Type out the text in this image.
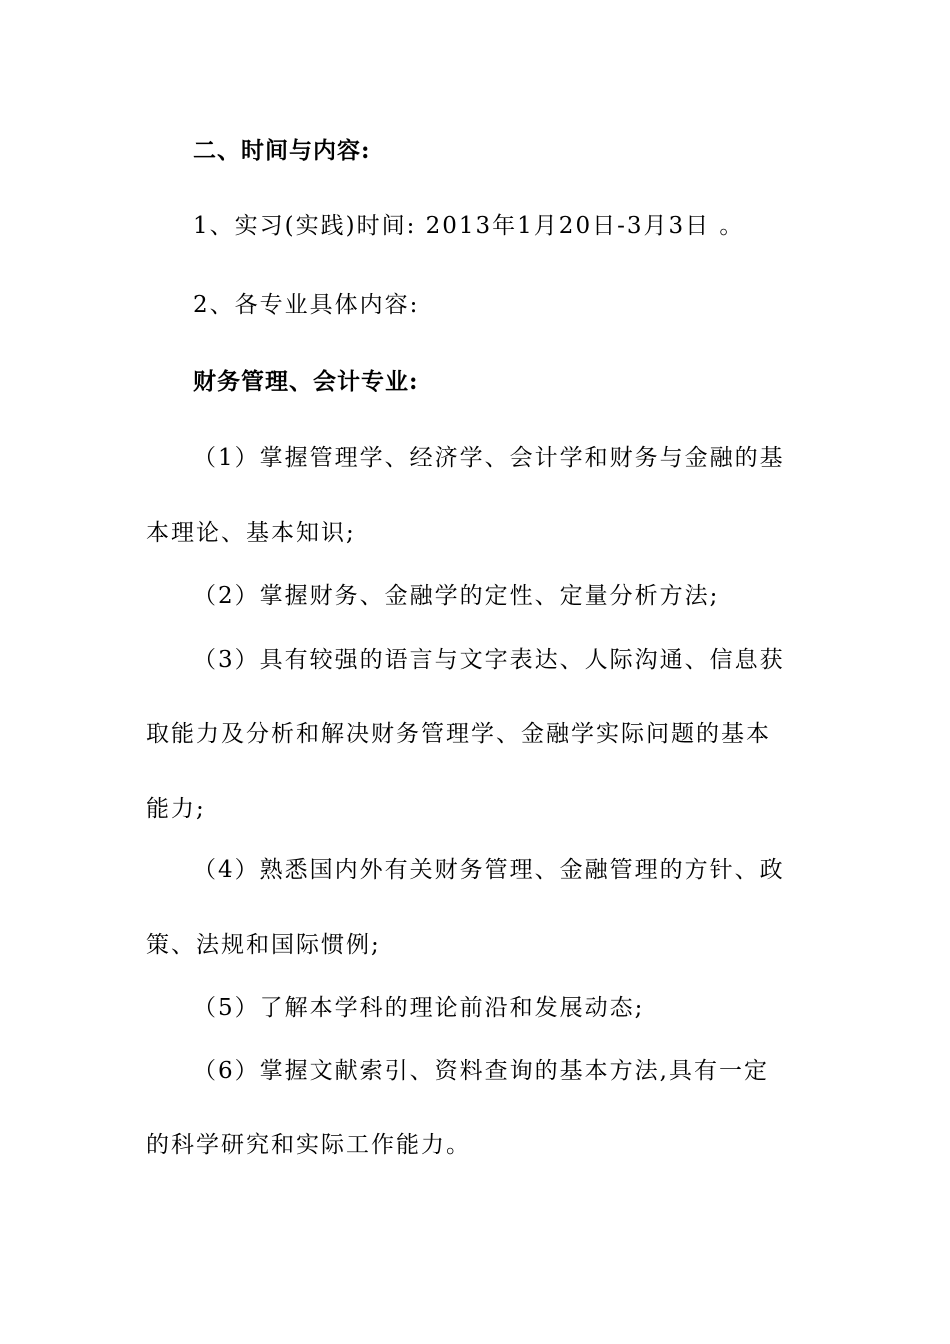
二、时间与内容:
1、实习(实践)时间: 2013年1月20日-3月3日 。
2、各专业具体内容:
财务管理、会计专业:
（1）掌握管理学、经济学、会计学和财务与金融的基
本理论、基本知识;
（2）掌握财务、金融学的定性、定量分析方法;
（3）具有较强的语言与文字表达、人际沟通、信息获
取能力及分析和解决财务管理学、金融学实际问题的基本
能力;
（4）熟悉国内外有关财务管理、金融管理的方针、政
策、法规和国际惯例;
（5）了解本学科的理论前沿和发展动态;
（6）掌握文献索引、资料查询的基本方法,具有一定
的科学研究和实际工作能力。
